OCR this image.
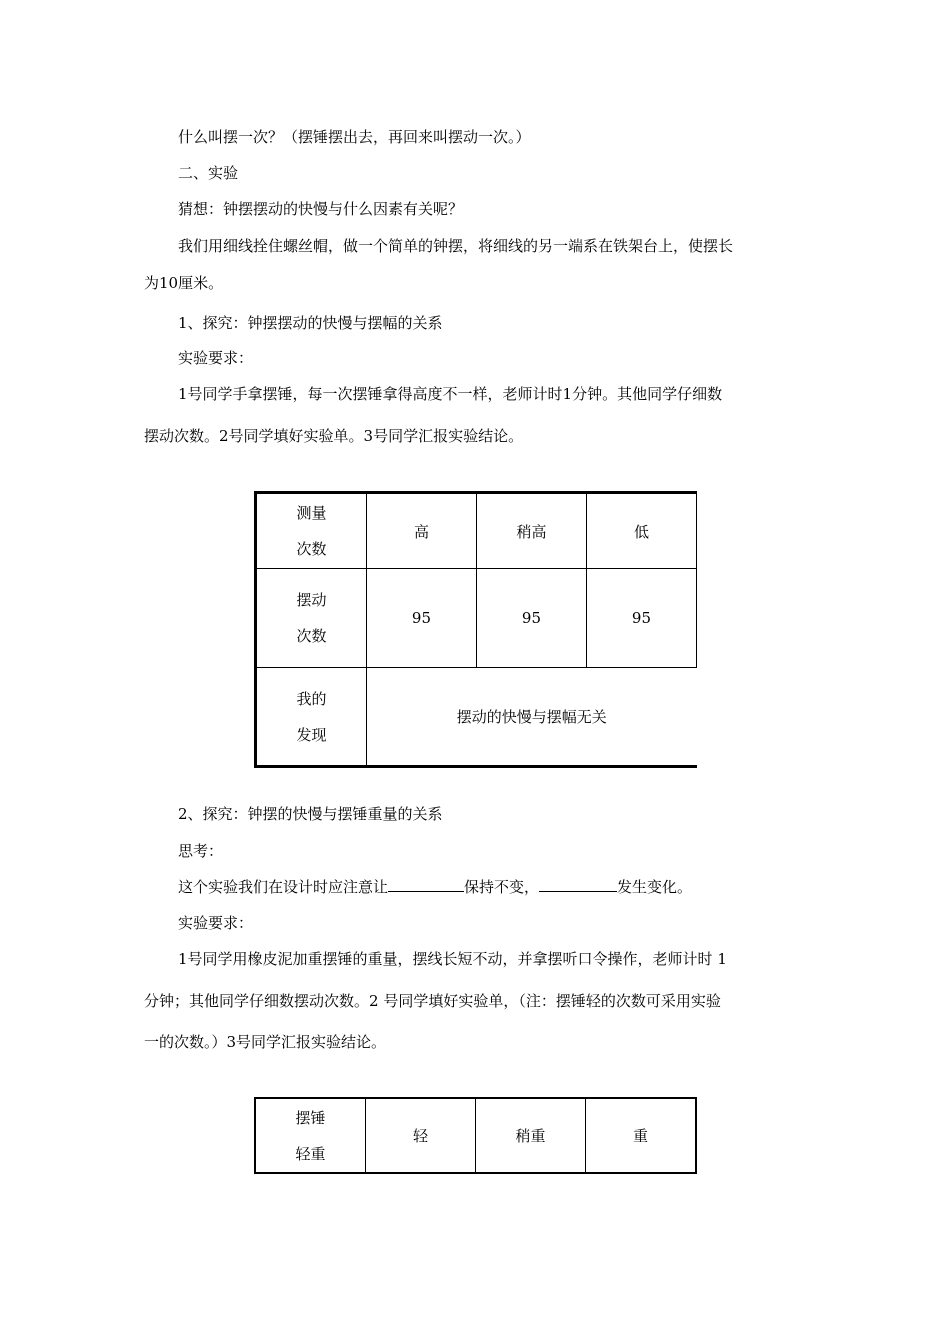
什么叫摆一次？（摆锤摆出去，再回来叫摆动一次。）
二、实验
猜想：钟摆摆动的快慢与什么因素有关呢？
我们用细线拴住螺丝帽，做一个简单的钟摆，将细线的另一端系在铁架台上，使摆长
为10厘米。
1、探究：钟摆摆动的快慢与摆幅的关系
实验要求：
1号同学手拿摆锤，每一次摆锤拿得高度不一样，老师计时1分钟。其他同学仔细数
摆动次数。2号同学填好实验单。3号同学汇报实验结论。
测量
次数	高	稍高	低

摆动
次数	95	95	95

我的
发现	摆动的快慢与摆幅无关		
2、探究：钟摆的快慢与摆锤重量的关系
思考：
这个实验我们在设计时应注意让	保持不变，	发生变化。
实验要求：
1号同学用橡皮泥加重摆锤的重量，摆线长短不动，并拿摆听口令操作，老师计时 1
分钟；其他同学仔细数摆动次数。2 号同学填好实验单，（注：摆锤轻的次数可采用实验
一的次数。）3号同学汇报实验结论。
摆锤
轻重
	轻	稍重	重
